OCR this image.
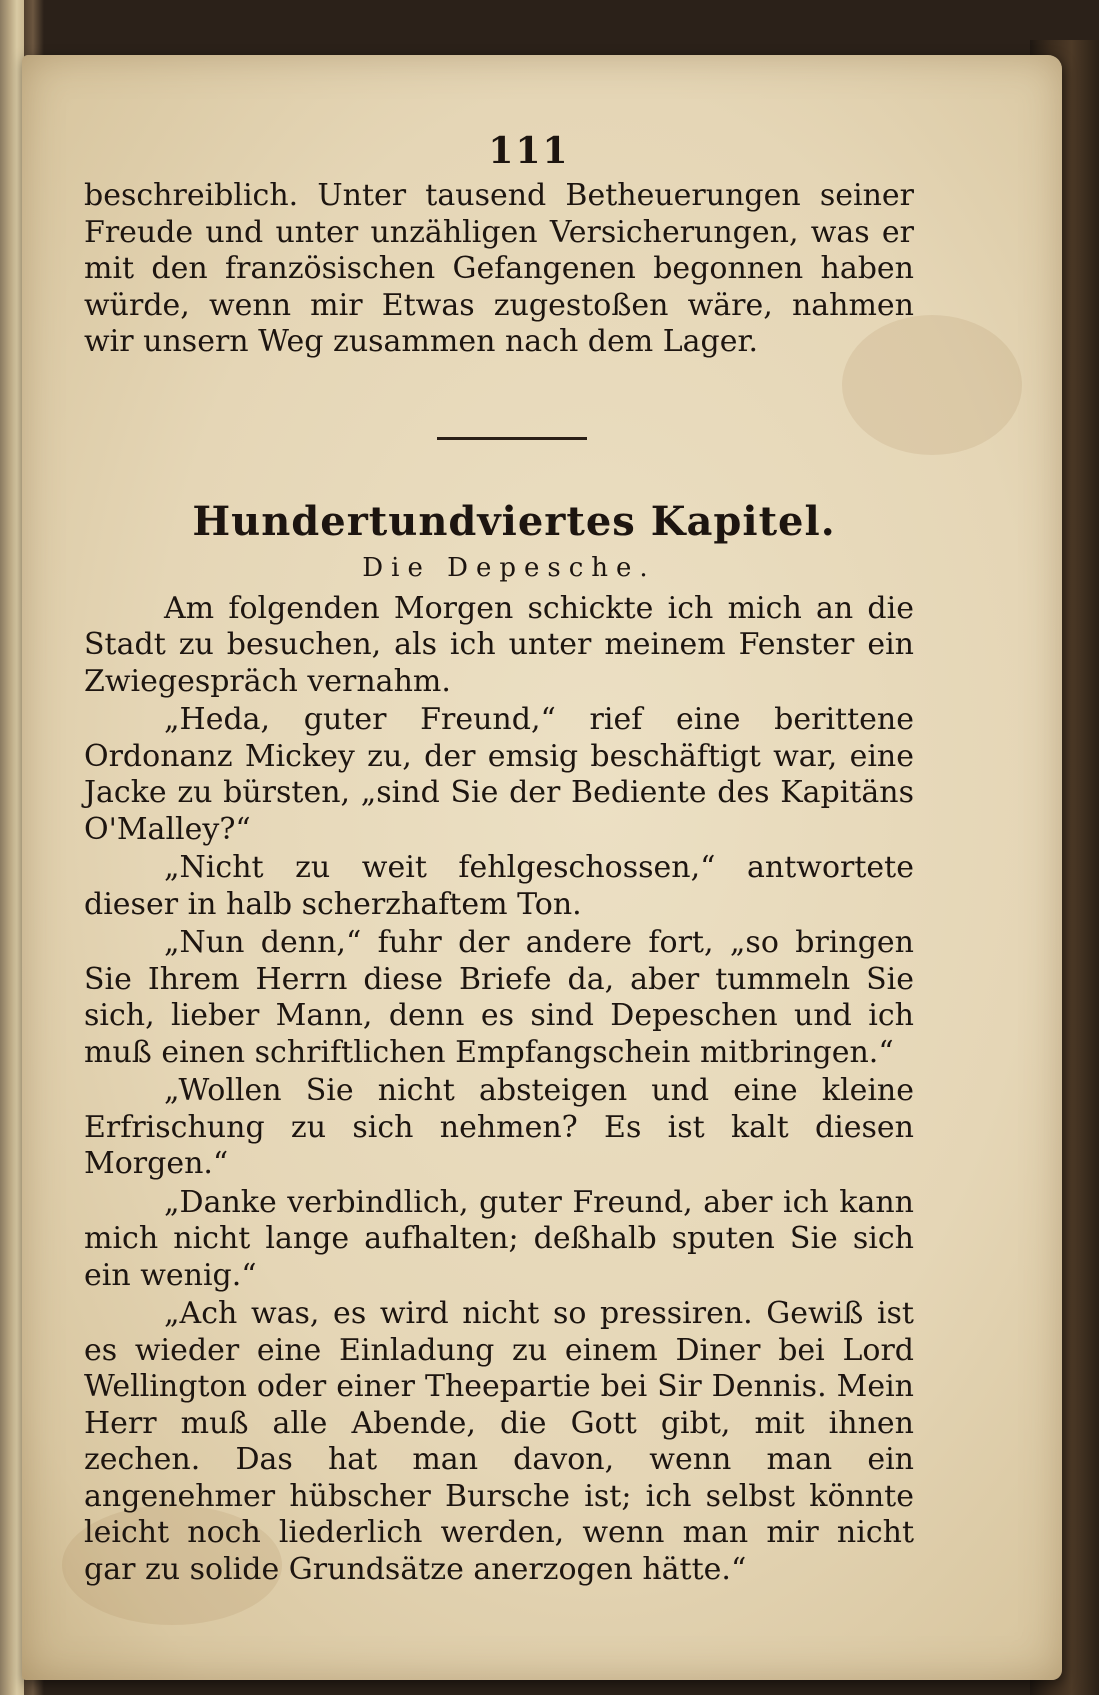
111

beschreiblich. Unter tausend Betheuerungen seiner Freude und unter unzähligen Versicherungen, was er mit den französischen Gefangenen begonnen haben würde, wenn mir Etwas zugestoßen wäre, nahmen wir unsern Weg zusammen nach dem Lager.

Hundertundviertes Kapitel.
Die Depesche.

Am folgenden Morgen schickte ich mich an die Stadt zu besuchen, als ich unter meinem Fenster ein Zwiegespräch vernahm.

„Heda, guter Freund,“ rief eine berittene Ordonanz Mickey zu, der emsig beschäftigt war, eine Jacke zu bürsten, „sind Sie der Bediente des Kapitäns O'Malley?“

„Nicht zu weit fehlgeschossen,“ antwortete dieser in halb scherzhaftem Ton.

„Nun denn,“ fuhr der andere fort, „so bringen Sie Ihrem Herrn diese Briefe da, aber tummeln Sie sich, lieber Mann, denn es sind Depeschen und ich muß einen schriftlichen Empfangschein mitbringen.“

„Wollen Sie nicht absteigen und eine kleine Erfrischung zu sich nehmen? Es ist kalt diesen Morgen.“

„Danke verbindlich, guter Freund, aber ich kann mich nicht lange aufhalten; deßhalb sputen Sie sich ein wenig.“

„Ach was, es wird nicht so pressiren. Gewiß ist es wieder eine Einladung zu einem Diner bei Lord Wellington oder einer Theepartie bei Sir Dennis. Mein Herr muß alle Abende, die Gott gibt, mit ihnen zechen. Das hat man davon, wenn man ein angenehmer hübscher Bursche ist; ich selbst könnte leicht noch liederlich werden, wenn man mir nicht gar zu solide Grundsätze anerzogen hätte.“
